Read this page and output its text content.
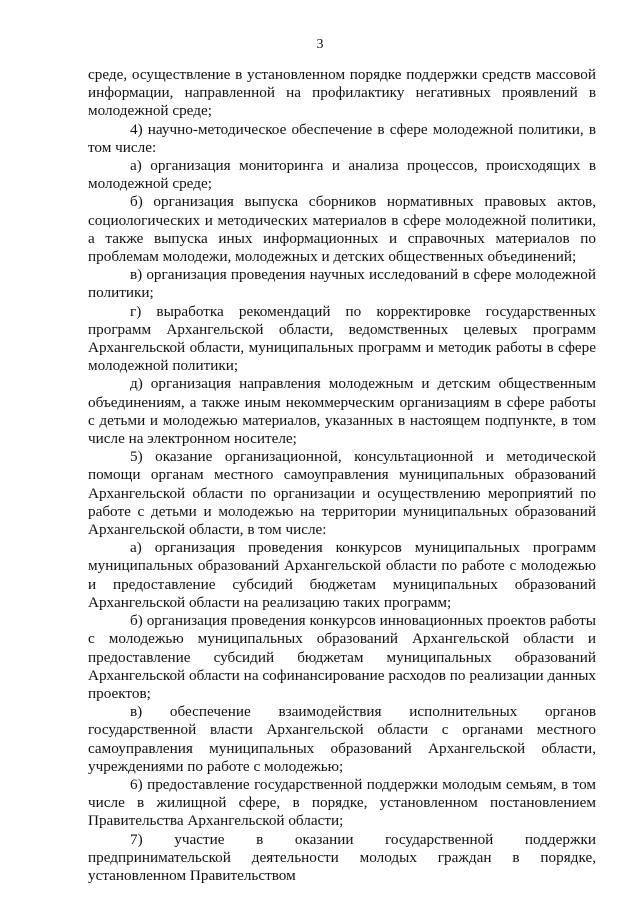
3

среде, осуществление в установленном порядке поддержки средств массовой информации, направленной на профилактику негативных проявлений в молодежной среде;

4) научно-методическое обеспечение в сфере молодежной политики, в том числе:

а) организация мониторинга и анализа процессов, происходящих в молодежной среде;

б) организация выпуска сборников нормативных правовых актов, социологических и методических материалов в сфере молодежной политики, а также выпуска иных информационных и справочных материалов по проблемам молодежи, молодежных и детских общественных объединений;

в) организация проведения научных исследований в сфере молодежной политики;

г) выработка рекомендаций по корректировке государственных программ Архангельской области, ведомственных целевых программ Архангельской области, муниципальных программ и методик работы в сфере молодежной политики;

д) организация направления молодежным и детским общественным объединениям, а также иным некоммерческим организациям в сфере работы с детьми и молодежью материалов, указанных в настоящем подпункте, в том числе на электронном носителе;

5) оказание организационной, консультационной и методической помощи органам местного самоуправления муниципальных образований Архангельской области по организации и осуществлению мероприятий по работе с детьми и молодежью на территории муниципальных образований Архангельской области, в том числе:

а) организация проведения конкурсов муниципальных программ муниципальных образований Архангельской области по работе с молодежью и предоставление субсидий бюджетам муниципальных образований Архангельской области на реализацию таких программ;

б) организация проведения конкурсов инновационных проектов работы с молодежью муниципальных образований Архангельской области и предоставление субсидий бюджетам муниципальных образований Архангельской области на софинансирование расходов по реализации данных проектов;

в) обеспечение взаимодействия исполнительных органов государственной власти Архангельской области с органами местного самоуправления муниципальных образований Архангельской области, учреждениями по работе с молодежью;

6) предоставление государственной поддержки молодым семьям, в том числе в жилищной сфере, в порядке, установленном постановлением Правительства Архангельской области;

7) участие в оказании государственной поддержки предпринимательской деятельности молодых граждан в порядке, установленном Правительством
